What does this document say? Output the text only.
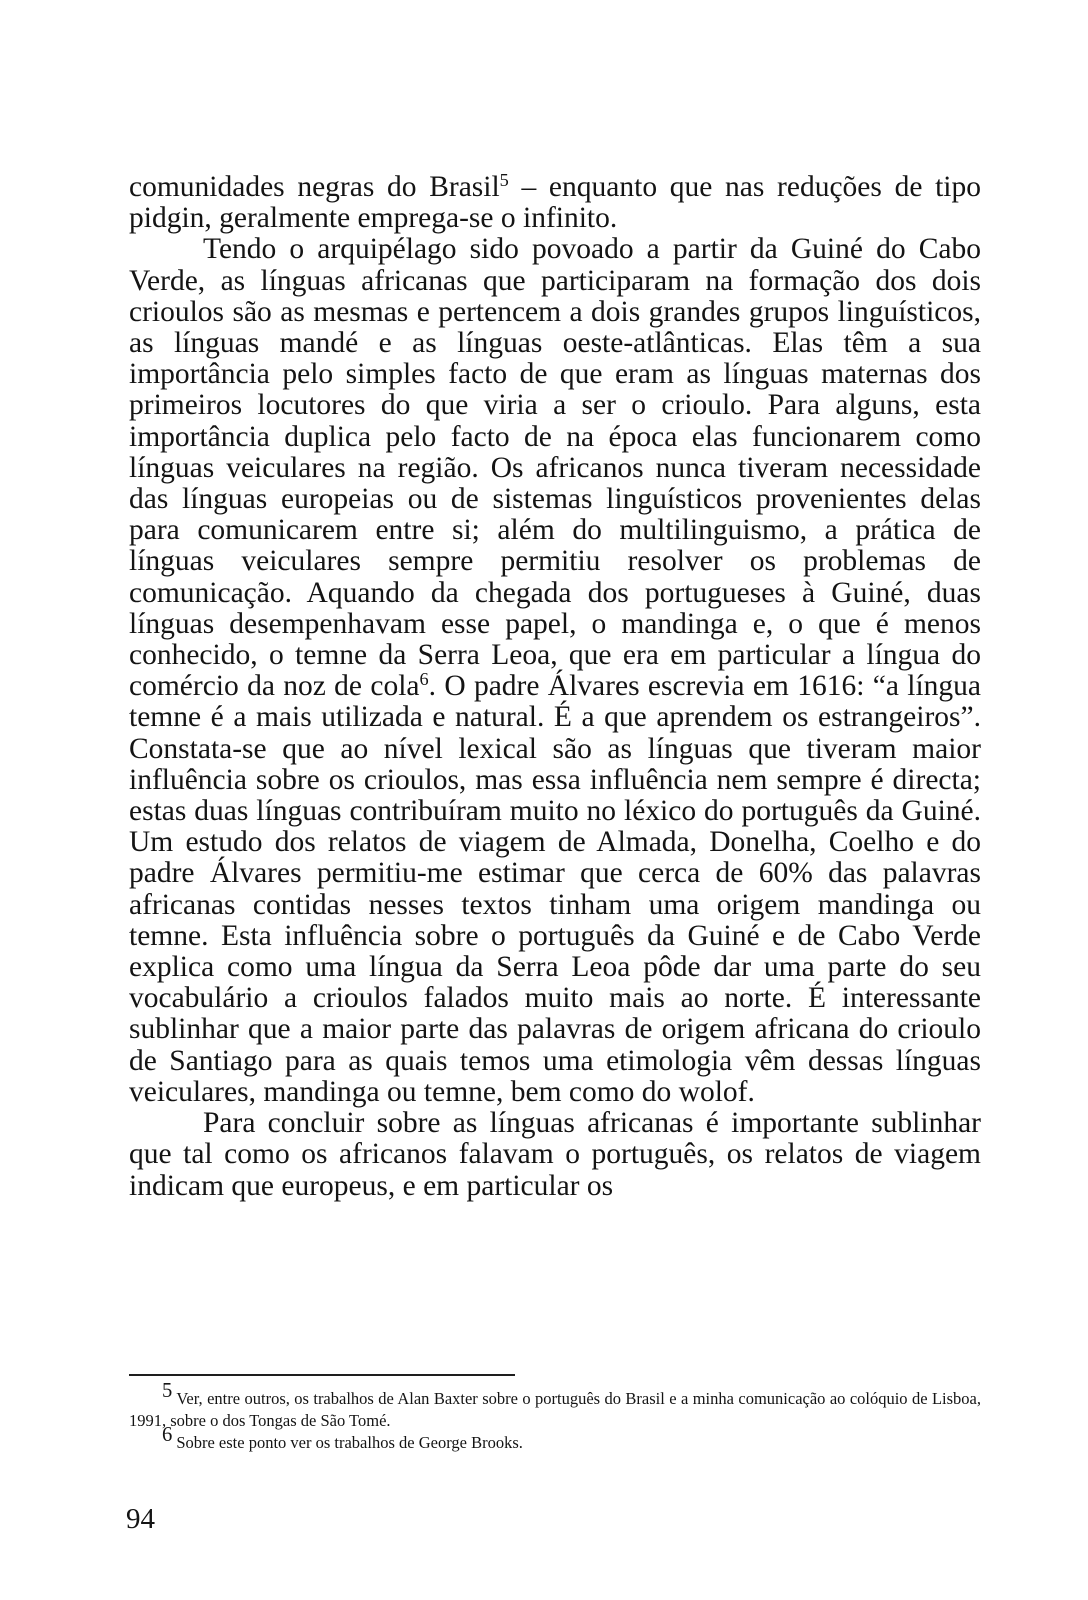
comunidades negras do Brasil$^5$ – enquanto que nas reduções de tipo pidgin, geralmente emprega-se o infinito.

Tendo o arquipélago sido povoado a partir da Guiné do Cabo Verde, as línguas africanas que participaram na formação dos dois crioulos são as mesmas e pertencem a dois grandes grupos linguísticos, as línguas mandé e as línguas oeste-atlânticas. Elas têm a sua importância pelo simples facto de que eram as línguas maternas dos primeiros locutores do que viria a ser o crioulo. Para alguns, esta importância duplica pelo facto de na época elas funcionarem como línguas veiculares na região. Os africanos nunca tiveram necessidade das línguas europeias ou de sistemas linguísticos provenientes delas para comunicarem entre si; além do multilinguismo, a prática de línguas veiculares sempre permitiu resolver os problemas de comunicação. Aquando da chegada dos portugueses à Guiné, duas línguas desempenhavam esse papel, o mandinga e, o que é menos conhecido, o temne da Serra Leoa, que era em particular a língua do comércio da noz de cola$^6$. O padre Álvares escrevia em 1616: “a língua temne é a mais utilizada e natural. É a que aprendem os estrangeiros”. Constata-se que ao nível lexical são as línguas que tiveram maior influência sobre os crioulos, mas essa influência nem sempre é directa; estas duas línguas contribuíram muito no léxico do português da Guiné. Um estudo dos relatos de viagem de Almada, Donelha, Coelho e do padre Álvares permitiu-me estimar que cerca de 60% das palavras africanas contidas nesses textos tinham uma origem mandinga ou temne. Esta influência sobre o português da Guiné e de Cabo Verde explica como uma língua da Serra Leoa pôde dar uma parte do seu vocabulário a crioulos falados muito mais ao norte. É interessante sublinhar que a maior parte das palavras de origem africana do crioulo de Santiago para as quais temos uma etimologia vêm dessas línguas veiculares, mandinga ou temne, bem como do wolof.

Para concluir sobre as línguas africanas é importante sublinhar que tal como os africanos falavam o português, os relatos de viagem indicam que europeus, e em particular os

$^5$ Ver, entre outros, os trabalhos de Alan Baxter sobre o português do Brasil e a minha comunicação ao colóquio de Lisboa, 1991, sobre o dos Tongas de São Tomé.

$^6$ Sobre este ponto ver os trabalhos de George Brooks.

94
